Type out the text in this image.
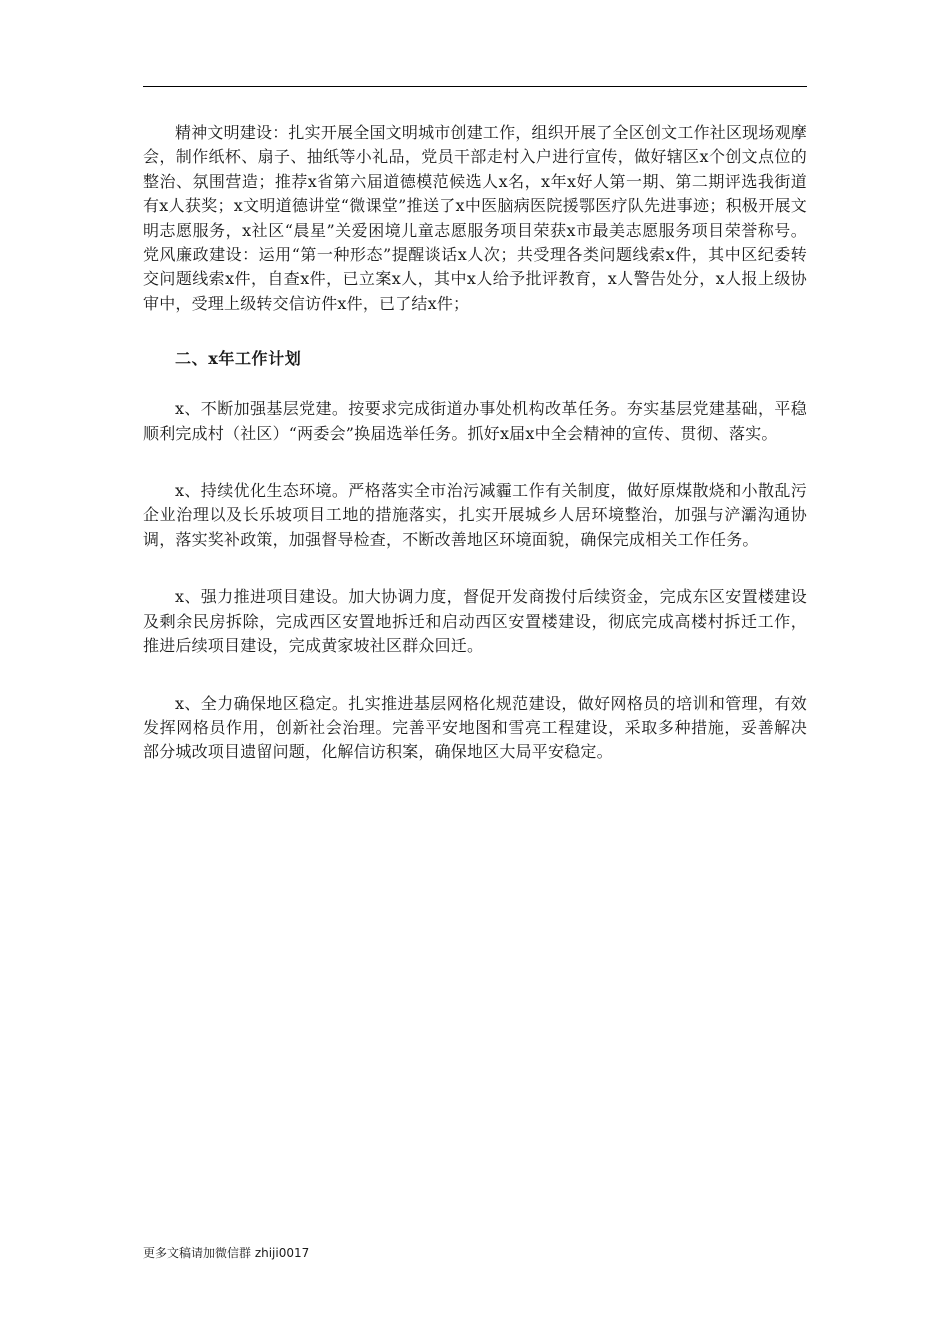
精神文明建设：扎实开展全国文明城市创建工作，组织开展了全区创文工作社区现场观摩会，制作纸杯、扇子、抽纸等小礼品，党员干部走村入户进行宣传，做好辖区x个创文点位的整治、氛围营造；推荐x省第六届道德模范候选人x名，x年x好人第一期、第二期评选我街道有x人获奖；x文明道德讲堂“微课堂”推送了x中医脑病医院援鄂医疗队先进事迹；积极开展文明志愿服务，x社区“晨星”关爱困境儿童志愿服务项目荣获x市最美志愿服务项目荣誉称号。党风廉政建设：运用“第一种形态”提醒谈话x人次；共受理各类问题线索x件，其中区纪委转交问题线索x件，自查x件，已立案x人，其中x人给予批评教育，x人警告处分，x人报上级协审中，受理上级转交信访件x件，已了结x件；

二、x年工作计划

x、不断加强基层党建。按要求完成街道办事处机构改革任务。夯实基层党建基础，平稳顺利完成村（社区）“两委会”换届选举任务。抓好x届x中全会精神的宣传、贯彻、落实。

x、持续优化生态环境。严格落实全市治污减霾工作有关制度，做好原煤散烧和小散乱污企业治理以及长乐坡项目工地的措施落实，扎实开展城乡人居环境整治，加强与浐灞沟通协调，落实奖补政策，加强督导检查，不断改善地区环境面貌，确保完成相关工作任务。

x、强力推进项目建设。加大协调力度，督促开发商拨付后续资金，完成东区安置楼建设及剩余民房拆除，完成西区安置地拆迁和启动西区安置楼建设，彻底完成高楼村拆迁工作，推进后续项目建设，完成黄家坡社区群众回迁。

x、全力确保地区稳定。扎实推进基层网格化规范建设，做好网格员的培训和管理，有效发挥网格员作用，创新社会治理。完善平安地图和雪亮工程建设，采取多种措施，妥善解决部分城改项目遗留问题，化解信访积案，确保地区大局平安稳定。

更多文稿请加微信群 zhiji0017
